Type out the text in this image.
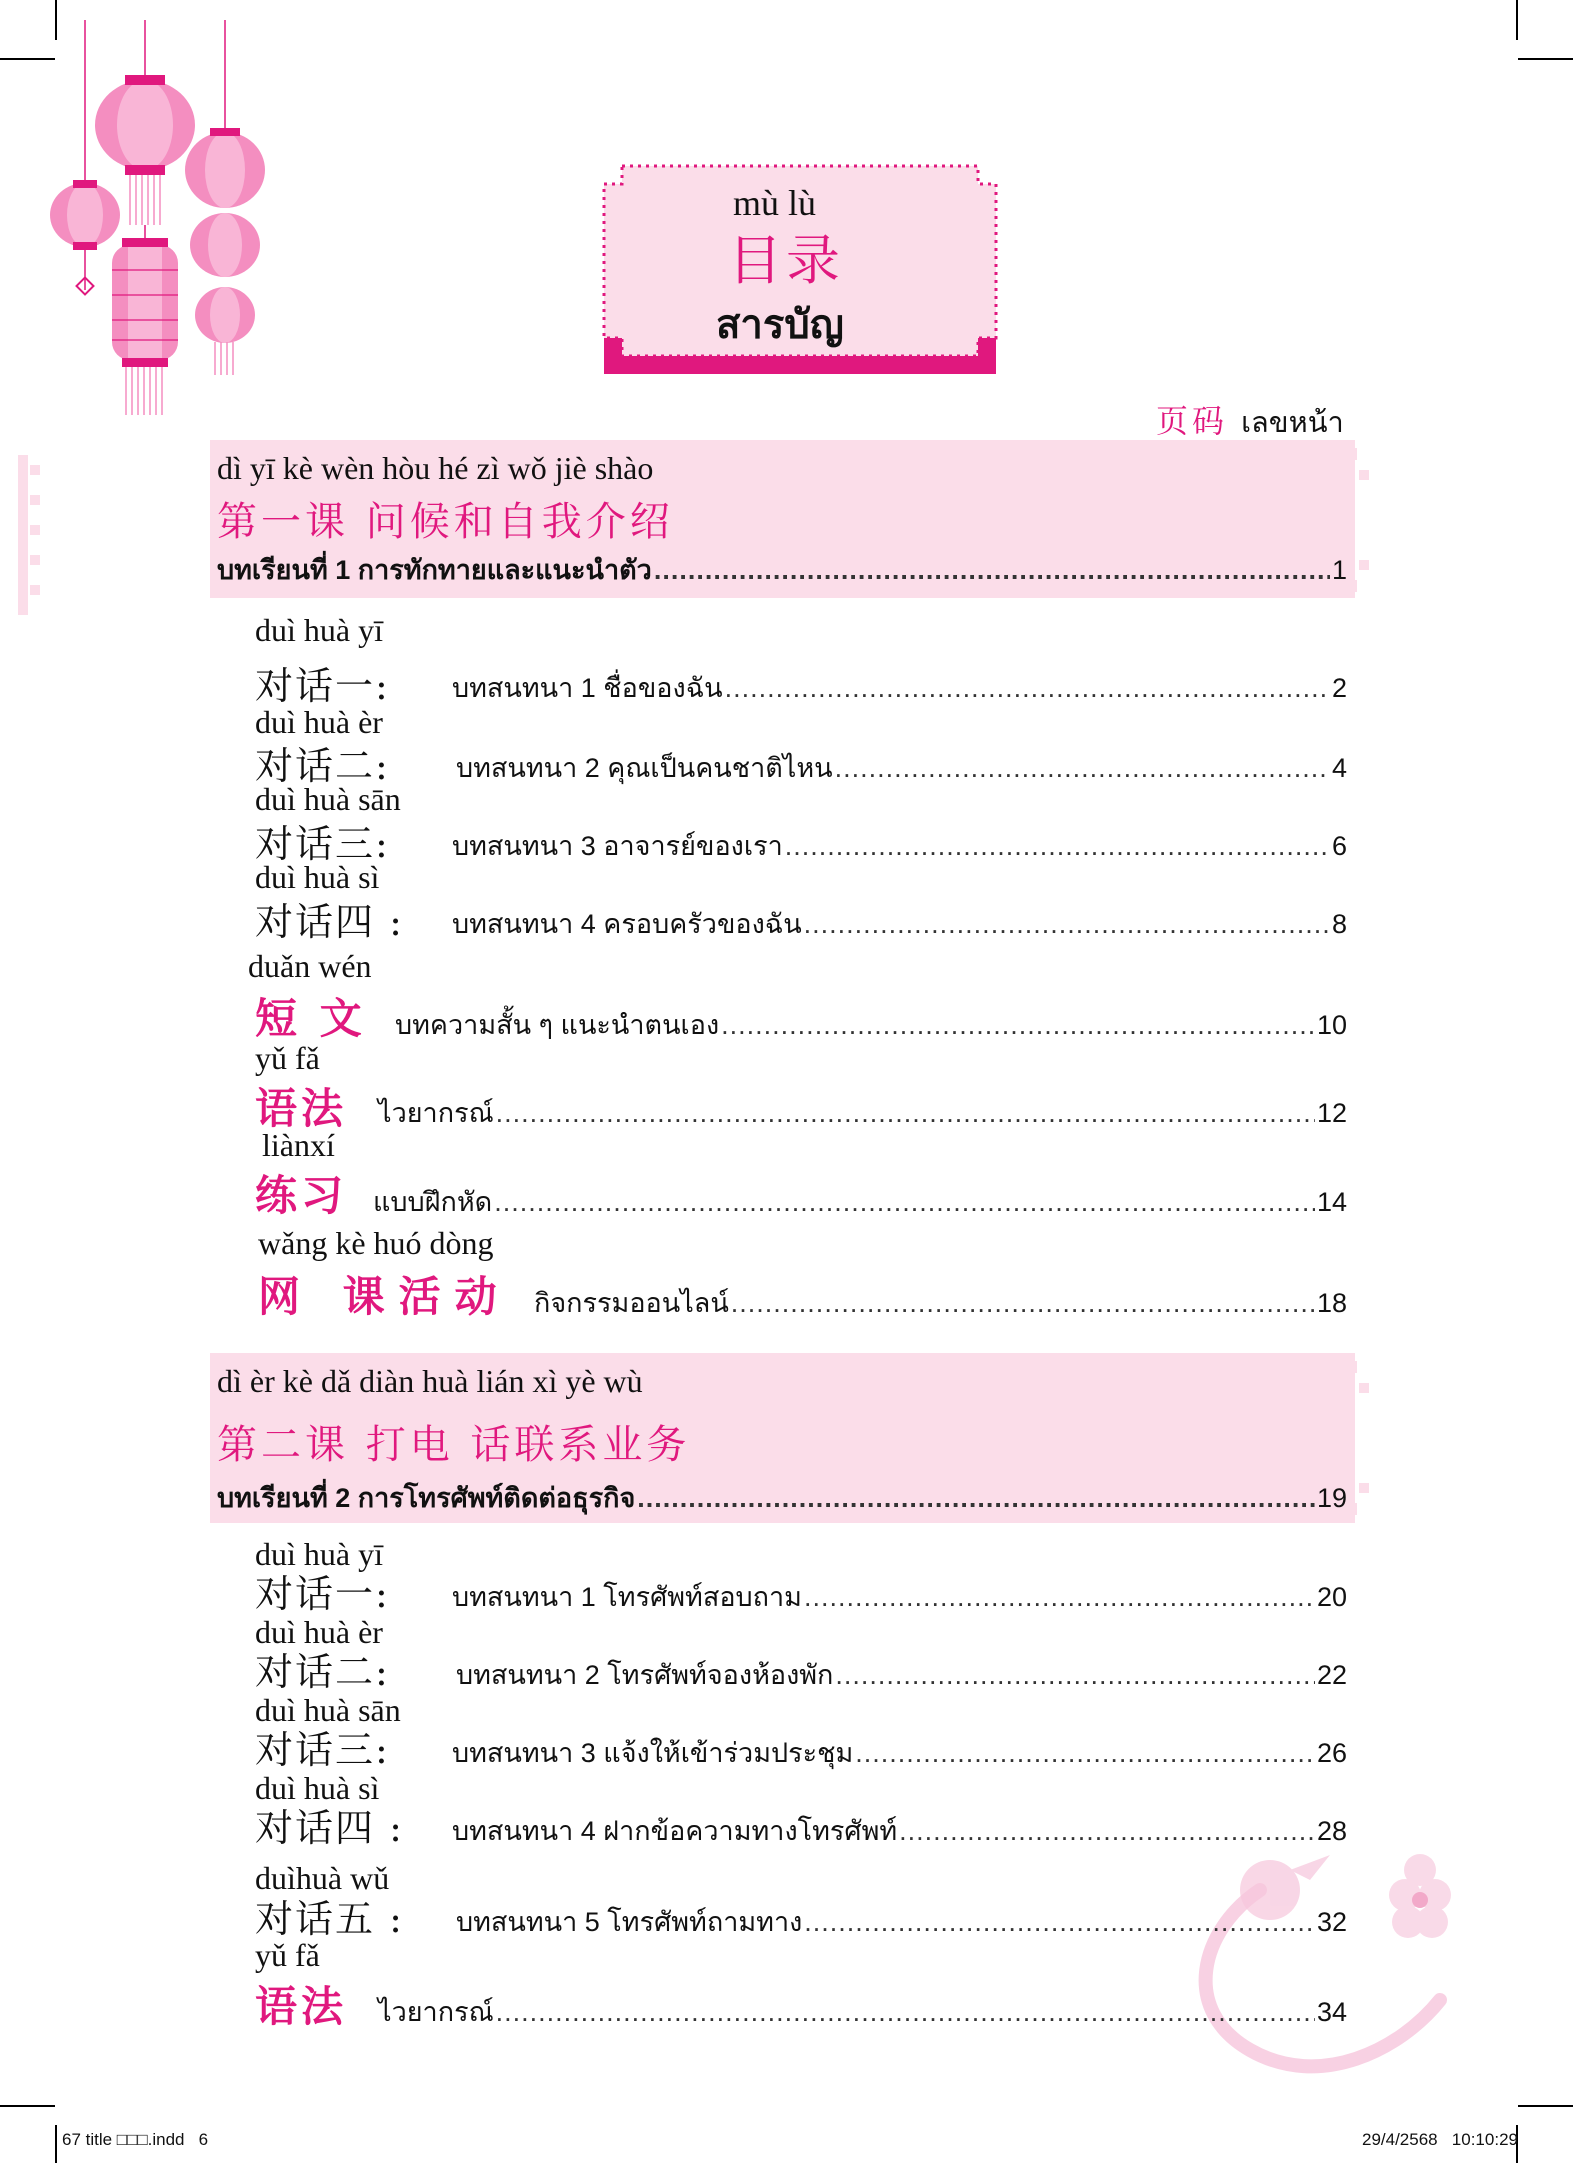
mù lù
目录
สารบัญ
页码 เลขหน้า
dì yī kè wèn hòu hé zì wǒ jiè shào
第一课 问候和自我介绍
บทเรียนที่ 1 การทักทายและแนะนำตัว .....	1
duì huà yī
对话一: บทสนทนา 1 ชื่อของฉัน .....	2
duì huà èr
对话二: บทสนทนา 2 คุณเป็นคนชาติไหน .....	4
duì huà sān
对话三: บทสนทนา 3 อาจารย์ของเรา .....	6
duì huà sì
对话四 : บทสนทนา 4 ครอบครัวของฉัน .....	8
duǎn wén
短 文 บทความสั้น ๆ แนะนำตนเอง .....	10
yǔ fǎ
语法 ไวยากรณ์ .....	12
liànxí
练习 แบบฝึกหัด .....	14
wǎng kè huó dòng
网 课活动 กิจกรรมออนไลน์ .....	18
dì èr kè dǎ diàn huà lián xì yè wù
第二课 打电 话联系业务
บทเรียนที่ 2 การโทรศัพท์ติดต่อธุรกิจ .....	19
duì huà yī
对话一: บทสนทนา 1 โทรศัพท์สอบถาม .....	20
duì huà èr
对话二: บทสนทนา 2 โทรศัพท์จองห้องพัก .....	22
duì huà sān
对话三: บทสนทนา 3 แจ้งให้เข้าร่วมประชุม .....	26
duì huà sì
对话四 : บทสนทนา 4 ฝากข้อความทางโทรศัพท์ .....	28
duìhuà wǔ
对话五 : บทสนทนา 5 โทรศัพท์ถามทาง .....	32
yǔ fǎ
语法 ไวยากรณ์ .....	34
67 title □□□.indd   6	29/4/2568   10:10:29
